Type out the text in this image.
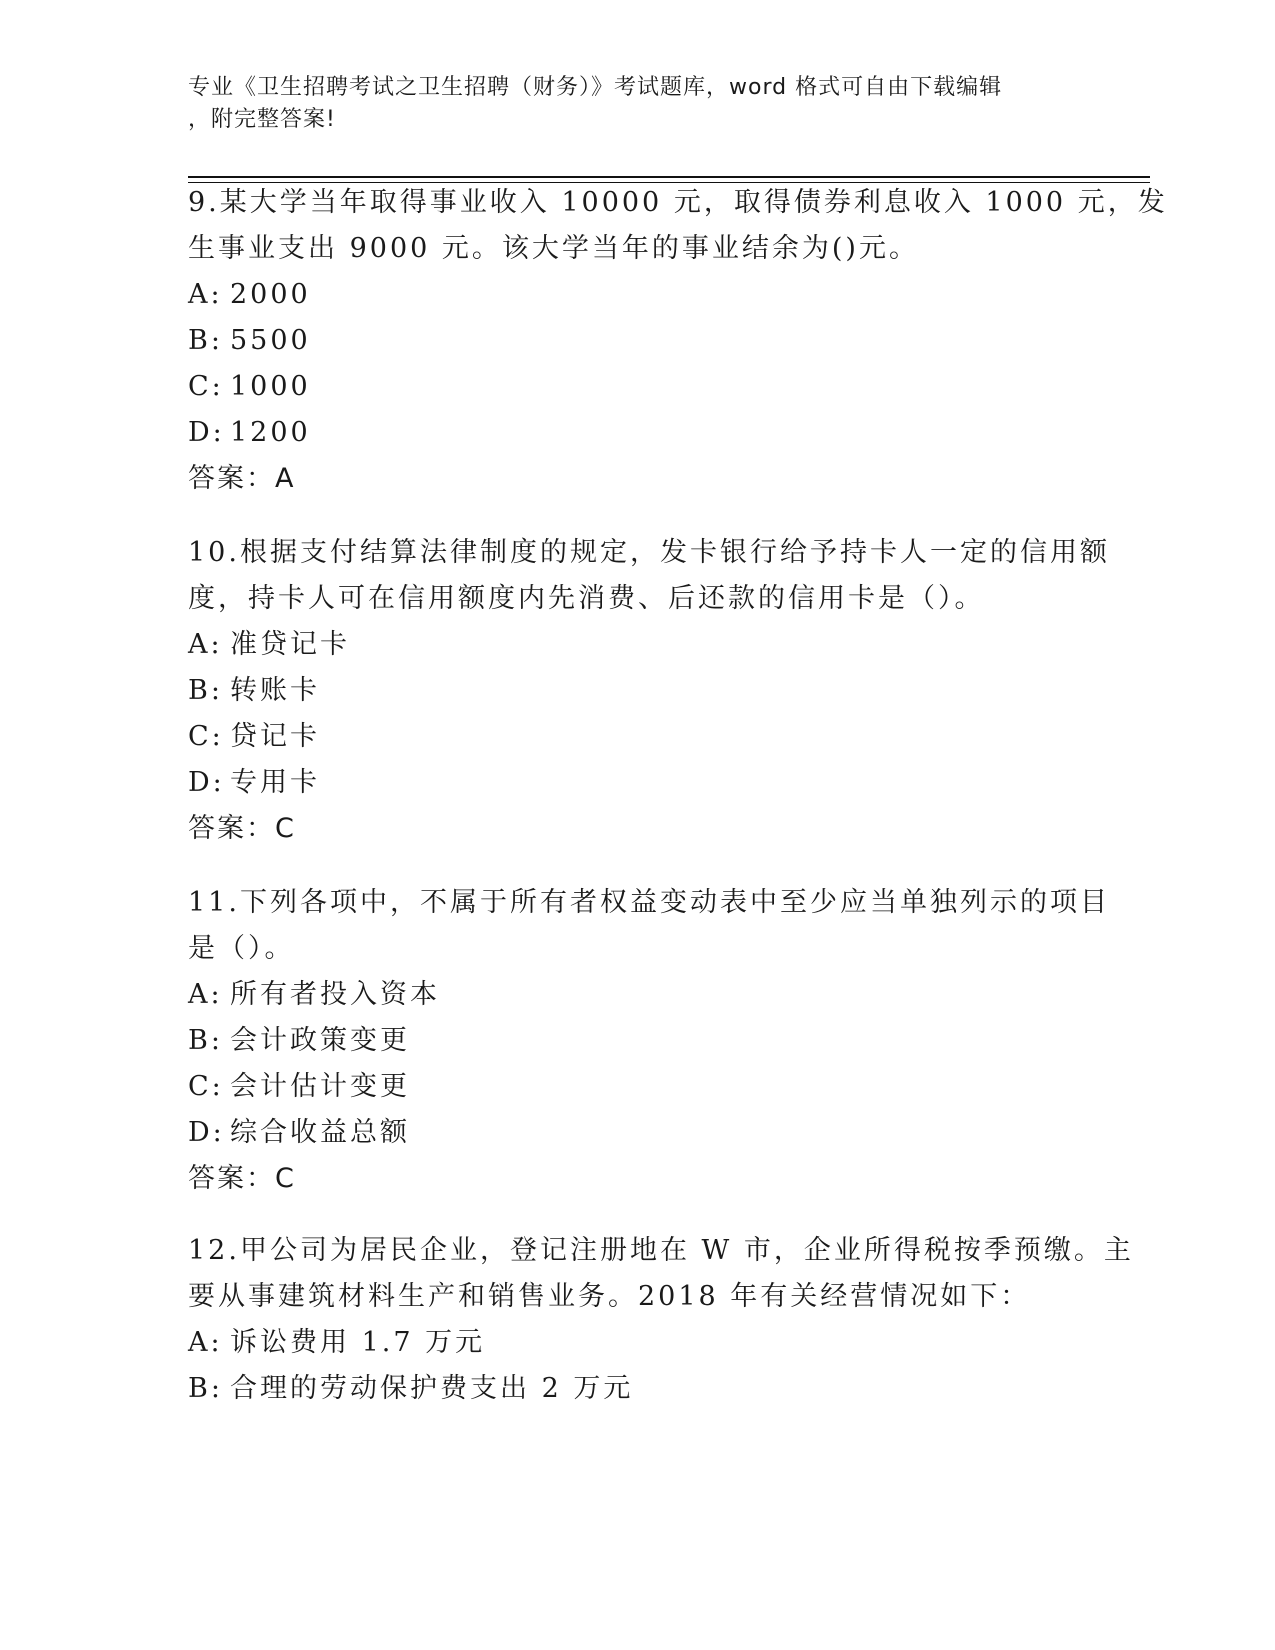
专业《卫生招聘考试之卫生招聘（财务）》考试题库，word 格式可自由下载编辑
，附完整答案!
9.某大学当年取得事业收入 10000 元，取得债券利息收入 1000 元，发
生事业支出 9000 元。该大学当年的事业结余为()元。
A: 2000
B: 5500
C: 1000
D: 1200
答案：A
10.根据支付结算法律制度的规定，发卡银行给予持卡人一定的信用额
度，持卡人可在信用额度内先消费、后还款的信用卡是（）。
A: 准贷记卡
B: 转账卡
C: 贷记卡
D: 专用卡
答案：C
11.下列各项中，不属于所有者权益变动表中至少应当单独列示的项目
是（）。
A: 所有者投入资本
B: 会计政策变更
C: 会计估计变更
D: 综合收益总额
答案：C
12.甲公司为居民企业，登记注册地在 W 市，企业所得税按季预缴。主
要从事建筑材料生产和销售业务。2018 年有关经营情况如下：
A: 诉讼费用 1.7 万元
B: 合理的劳动保护费支出 2 万元
